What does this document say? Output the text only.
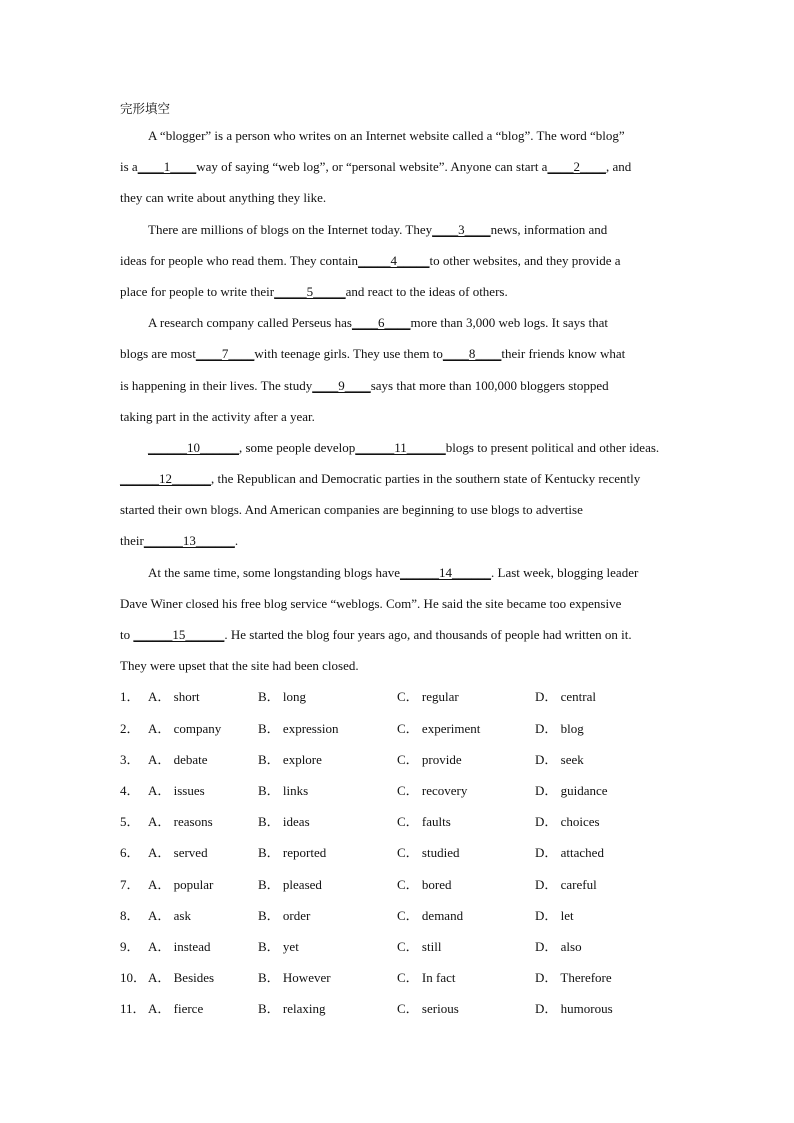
完形填空
A “blogger” is a person who writes on an Internet website called a “blog”. The word “blog”
is a____1____way of saying “web log”, or “personal website”. Anyone can start a____2____, and
they can write about anything they like.
There are millions of blogs on the Internet today. They____3____news, information and
ideas for people who read them. They contain_____4_____to other websites, and they provide a
place for people to write their_____5_____and react to the ideas of others.
A research company called Perseus has____6____more than 3,000 web logs. It says that
blogs are most____7____with teenage girls. They use them to____8____their friends know what
is happening in their lives. The study____9____says that more than 100,000 bloggers stopped
taking part in the activity after a year.
______10______, some people develop______11______blogs to present political and other ideas.
______12______, the Republican and Democratic parties in the southern state of Kentucky recently
started their own blogs. And American companies are beginning to use blogs to advertise
their______13______.
At the same time, some longstanding blogs have______14______. Last week, blogging leader
Dave Winer closed his free blog service “weblogs. Com”. He said the site became too expensive
to ______15______. He started the blog four years ago, and thousands of people had written on it.
They were upset that the site had been closed.
1． A． short	B． long	C． regular	D． central
2． A． company	B． expression	C． experiment	D． blog
3． A． debate	B． explore	C． provide	D． seek
4． A． issues	B． links	C． recovery	D． guidance
5． A． reasons	B． ideas	C． faults	D． choices
6． A． served	B． reported	C． studied	D． attached
7． A． popular	B． pleased	C． bored	D． careful
8． A． ask	B． order	C． demand	D． let
9． A． instead	B． yet	C． still	D． also
10． A． Besides	B． However	C． In fact	D． Therefore
11． A． fierce	B． relaxing	C． serious	D． humorous
